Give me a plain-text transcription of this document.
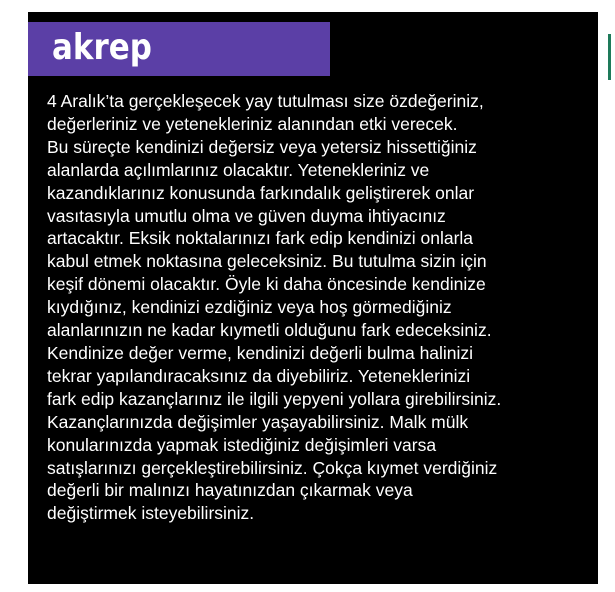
akrep
4 Aralık’ta gerçekleşecek yay tutulması size özdeğeriniz,
değerleriniz ve yetenekleriniz alanından etki verecek.
Bu süreçte kendinizi değersiz veya yetersiz hissettiğiniz
alanlarda açılımlarınız olacaktır. Yetenekleriniz ve
kazandıklarınız konusunda farkındalık geliştirerek onlar
vasıtasıyla umutlu olma ve güven duyma ihtiyacınız
artacaktır. Eksik noktalarınızı fark edip kendinizi onlarla
kabul etmek noktasına geleceksiniz. Bu tutulma sizin için
keşif dönemi olacaktır. Öyle ki daha öncesinde kendinize
kıydığınız, kendinizi ezdiğiniz veya hoş görmediğiniz
alanlarınızın ne kadar kıymetli olduğunu fark edeceksiniz.
Kendinize değer verme, kendinizi değerli bulma halinizi
tekrar yapılandıracaksınız da diyebiliriz. Yeteneklerinizi
fark edip kazançlarınız ile ilgili yepyeni yollara girebilirsiniz.
Kazançlarınızda değişimler yaşayabilirsiniz. Malk mülk
konularınızda yapmak istediğiniz değişimleri varsa
satışlarınızı gerçekleştirebilirsiniz. Çokça kıymet verdiğiniz
değerli bir malınızı hayatınızdan çıkarmak veya
değiştirmek isteyebilirsiniz.
